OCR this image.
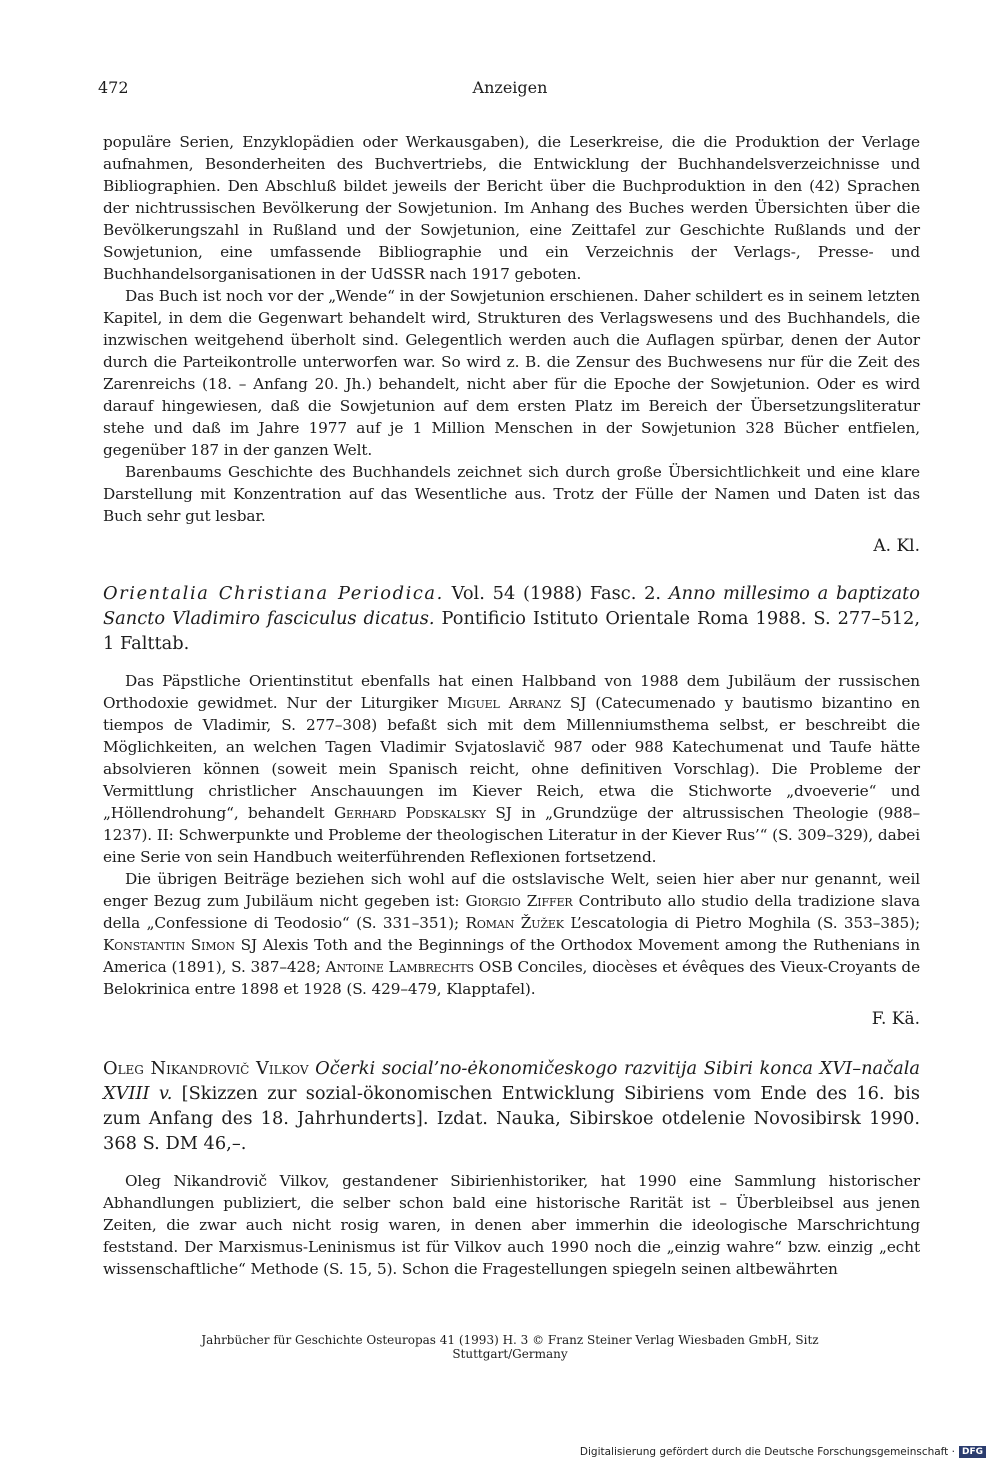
472	Anzeigen

populäre Serien, Enzyklopädien oder Werkausgaben), die Leserkreise, die die Produktion der Verlage aufnahmen, Besonderheiten des Buchvertriebs, die Entwicklung der Buchhandelsverzeichnisse und Bibliographien. Den Abschluß bildet jeweils der Bericht über die Buchproduktion in den (42) Sprachen der nichtrussischen Bevölkerung der Sowjetunion. Im Anhang des Buches werden Übersichten über die Bevölkerungszahl in Rußland und der Sowjetunion, eine Zeittafel zur Geschichte Rußlands und der Sowjetunion, eine umfassende Bibliographie und ein Verzeichnis der Verlags-, Presse- und Buchhandelsorganisationen in der UdSSR nach 1917 geboten.

Das Buch ist noch vor der „Wende“ in der Sowjetunion erschienen. Daher schildert es in seinem letzten Kapitel, in dem die Gegenwart behandelt wird, Strukturen des Verlagswesens und des Buchhandels, die inzwischen weitgehend überholt sind. Gelegentlich werden auch die Auflagen spürbar, denen der Autor durch die Parteikontrolle unterworfen war. So wird z. B. die Zensur des Buchwesens nur für die Zeit des Zarenreichs (18. – Anfang 20. Jh.) behandelt, nicht aber für die Epoche der Sowjetunion. Oder es wird darauf hingewiesen, daß die Sowjetunion auf dem ersten Platz im Bereich der Übersetzungsliteratur stehe und daß im Jahre 1977 auf je 1 Million Menschen in der Sowjetunion 328 Bücher entfielen, gegenüber 187 in der ganzen Welt.

Barenbaums Geschichte des Buchhandels zeichnet sich durch große Übersichtlichkeit und eine klare Darstellung mit Konzentration auf das Wesentliche aus. Trotz der Fülle der Namen und Daten ist das Buch sehr gut lesbar.

A. Kl.
Orientalia Christiana Periodica. Vol. 54 (1988) Fasc. 2. Anno millesimo a baptizato Sancto Vladimiro fasciculus dicatus. Pontificio Istituto Orientale Roma 1988. S. 277–512, 1 Falttab.

Das Päpstliche Orientinstitut ebenfalls hat einen Halbband von 1988 dem Jubiläum der russischen Orthodoxie gewidmet. Nur der Liturgiker Miguel Arranz SJ (Catecumenado y bautismo bizantino en tiempos de Vladimir, S. 277–308) befaßt sich mit dem Millenniumsthema selbst, er beschreibt die Möglichkeiten, an welchen Tagen Vladimir Svjatoslavič 987 oder 988 Katechumenat und Taufe hätte absolvieren können (soweit mein Spanisch reicht, ohne definitiven Vorschlag). Die Probleme der Vermittlung christlicher Anschauungen im Kiever Reich, etwa die Stichworte „dvoeverie“ und „Höllendrohung“, behandelt Gerhard Podskalsky SJ in „Grundzüge der altrussischen Theologie (988–1237). II: Schwerpunkte und Probleme der theologischen Literatur in der Kiever Rus’“ (S. 309–329), dabei eine Serie von sein Handbuch weiterführenden Reflexionen fortsetzend.

Die übrigen Beiträge beziehen sich wohl auf die ostslavische Welt, seien hier aber nur genannt, weil enger Bezug zum Jubiläum nicht gegeben ist: Giorgio Ziffer Contributo allo studio della tradizione slava della „Confessione di Teodosio“ (S. 331–351); Roman Žužek L’escatologia di Pietro Moghila (S. 353–385); Konstantin Simon SJ Alexis Toth and the Beginnings of the Orthodox Movement among the Ruthenians in America (1891), S. 387–428; Antoine Lambrechts OSB Conciles, diocèses et évêques des Vieux-Croyants de Belokrinica entre 1898 et 1928 (S. 429–479, Klapptafel).

F. Kä.
Oleg Nikandrovič Vilkov Očerki social’no-ėkonomičeskogo razvitija Sibiri konca XVI–načala XVIII v. [Skizzen zur sozial-ökonomischen Entwicklung Sibiriens vom Ende des 16. bis zum Anfang des 18. Jahrhunderts]. Izdat. Nauka, Sibirskoe otdelenie Novosibirsk 1990. 368 S. DM 46,–.

Oleg Nikandrovič Vilkov, gestandener Sibirienhistoriker, hat 1990 eine Sammlung historischer Abhandlungen publiziert, die selber schon bald eine historische Rarität ist – Überbleibsel aus jenen Zeiten, die zwar auch nicht rosig waren, in denen aber immerhin die ideologische Marschrichtung feststand. Der Marxismus-Leninismus ist für Vilkov auch 1990 noch die „einzig wahre“ bzw. einzig „echt wissenschaftliche“ Methode (S. 15, 5). Schon die Fragestellungen spiegeln seinen altbewährten

Jahrbücher für Geschichte Osteuropas 41 (1993) H. 3 © Franz Steiner Verlag Wiesbaden GmbH, Sitz Stuttgart/Germany
Digitalisierung gefördert durch die Deutsche Forschungsgemeinschaft · DFG
